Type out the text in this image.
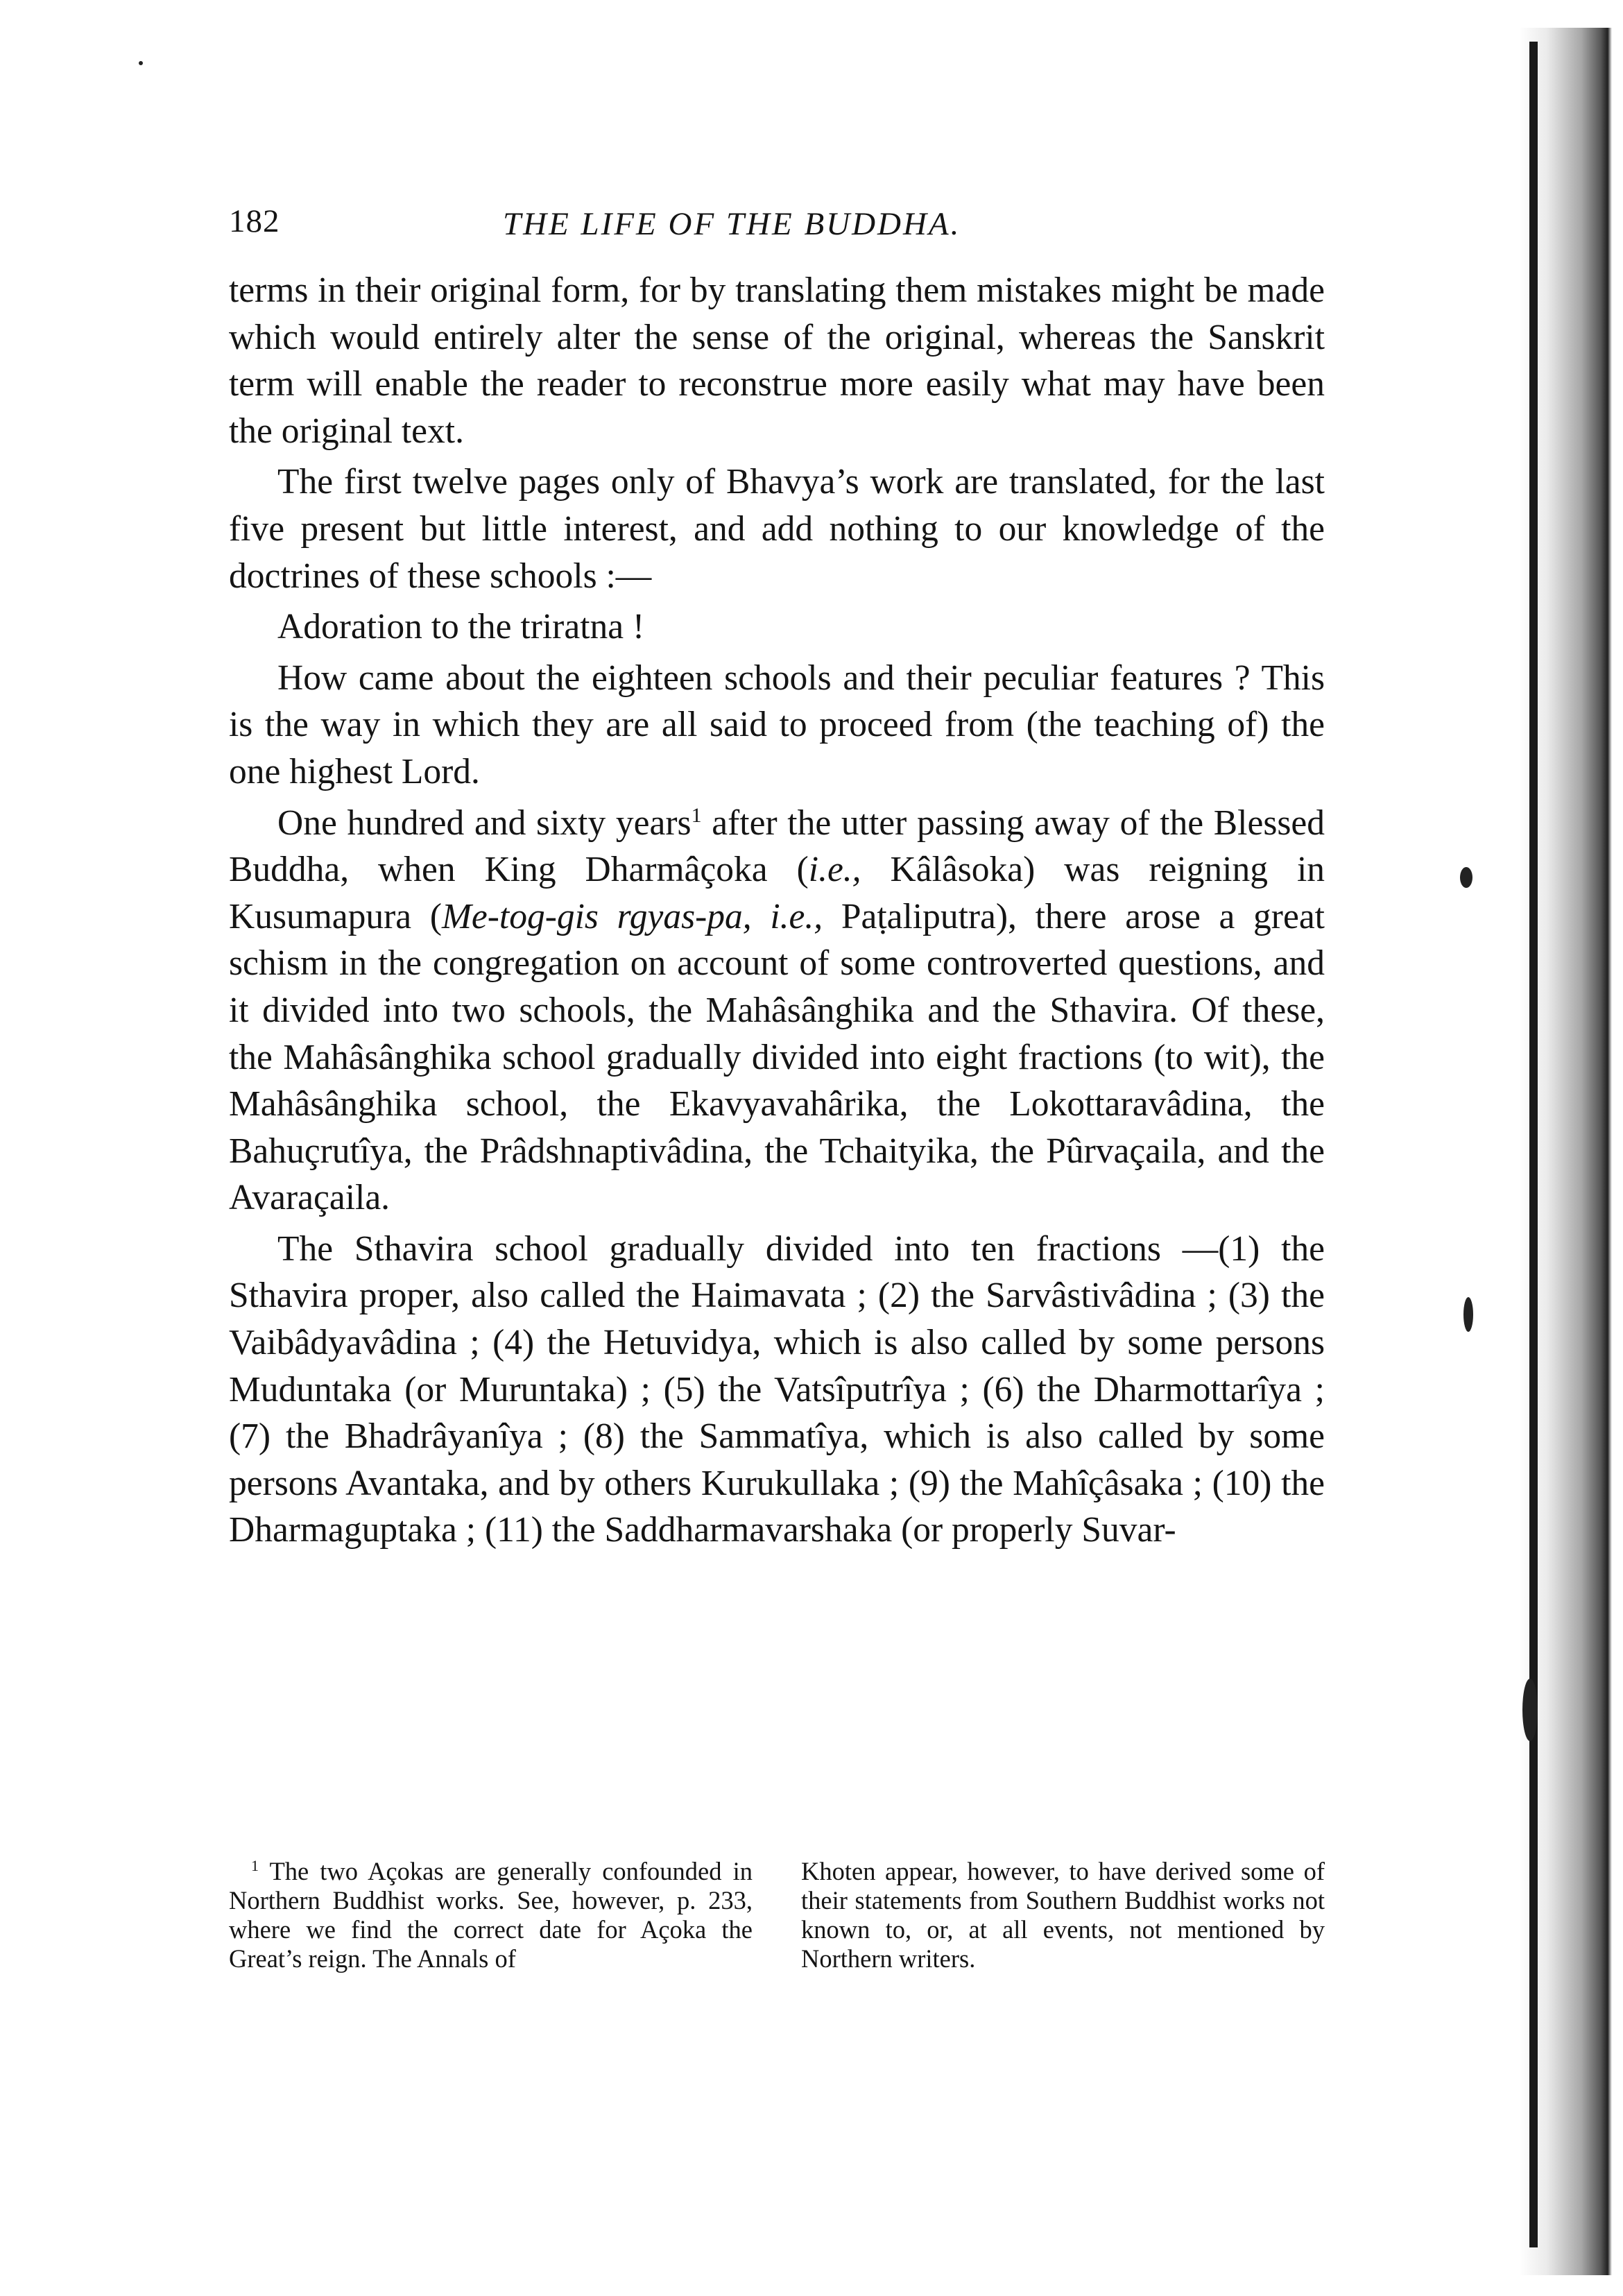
182	THE LIFE OF THE BUDDHA.

terms in their original form, for by translating them mistakes might be made which would entirely alter the sense of the original, whereas the Sanskrit term will enable the reader to reconstrue more easily what may have been the original text.

The first twelve pages only of Bhavya’s work are translated, for the last five present but little interest, and add nothing to our knowledge of the doctrines of these schools :—

Adoration to the triratna !

How came about the eighteen schools and their peculiar features ? This is the way in which they are all said to proceed from (the teaching of) the one highest Lord.

One hundred and sixty years$^1$ after the utter passing away of the Blessed Buddha, when King Dharmâçoka (i.e., Kâlâsoka) was reigning in Kusumapura (Me-tog-gis rgyas-pa, i.e., Paṭaliputra), there arose a great schism in the congregation on account of some controverted questions, and it divided into two schools, the Mahâsânghika and the Sthavira. Of these, the Mahâsânghika school gradually divided into eight fractions (to wit), the Mahâsânghika school, the Ekavyavahârika, the Lokottaravâdina, the Bahuçrutîya, the Prâdshnaptivâdina, the Tchaityika, the Pûrvaçaila, and the Avaraçaila.

The Sthavira school gradually divided into ten fractions —(1) the Sthavira proper, also called the Haimavata ; (2) the Sarvâstivâdina ; (3) the Vaibâdyavâdina ; (4) the Hetuvidya, which is also called by some persons Muduntaka (or Muruntaka) ; (5) the Vatsîputrîya ; (6) the Dharmottarîya ; (7) the Bhadrâyanîya ; (8) the Sammatîya, which is also called by some persons Avantaka, and by others Kurukullaka ; (9) the Mahîçâsaka ; (10) the Dharmaguptaka ; (11) the Saddharmavarshaka (or properly Suvar-

$^1$ The two Açokas are generally confounded in Northern Buddhist works. See, however, p. 233, where we find the correct date for Açoka the Great’s reign. The Annals of

Khoten appear, however, to have derived some of their statements from Southern Buddhist works not known to, or, at all events, not mentioned by Northern writers.
